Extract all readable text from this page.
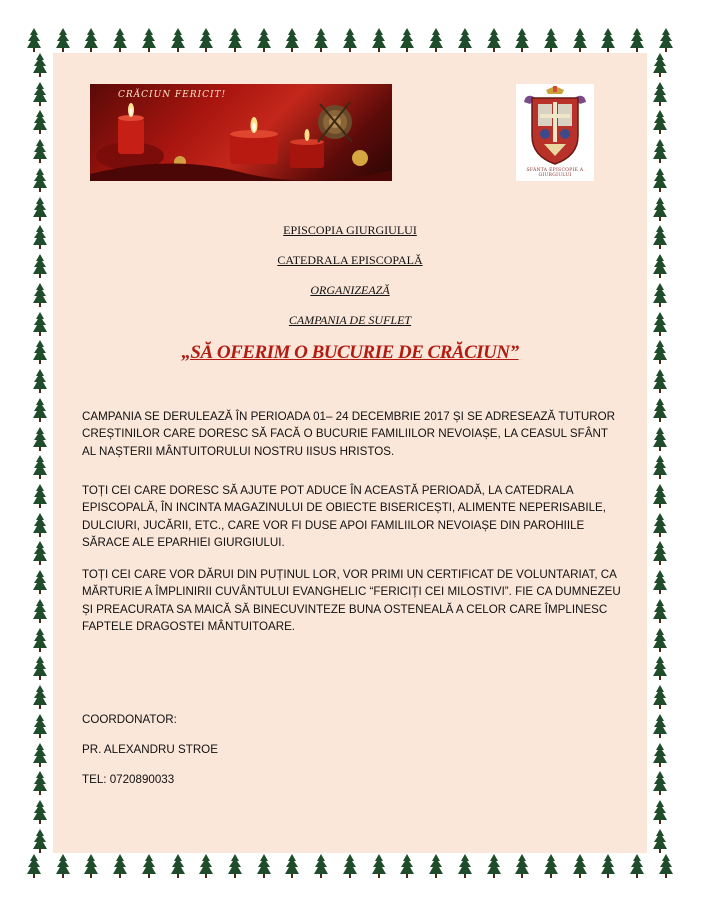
CRĂCIUN FERICIT!
SFÂNTA EPISCOPIE A GIURGIULUI
EPISCOPIA GIURGIULUI
CATEDRALA EPISCOPALĂ
ORGANIZEAZĂ
CAMPANIA DE SUFLET
„SĂ OFERIM O BUCURIE DE CRĂCIUN”
CAMPANIA SE DERULEAZĂ ÎN PERIOADA 01– 24 DECEMBRIE 2017 ȘI SE ADRESEAZĂ TUTUROR CREȘTINILOR CARE DORESC SĂ FACĂ O BUCURIE FAMILIILOR NEVOIAȘE, LA CEASUL SFÂNT AL NAȘTERII MÂNTUITORULUI NOSTRU IISUS HRISTOS.
TOȚI CEI CARE DORESC SĂ AJUTE POT ADUCE ÎN ACEASTĂ PERIOADĂ, LA CATEDRALA EPISCOPALĂ, ÎN INCINTA MAGAZINULUI DE OBIECTE BISERICEȘTI, ALIMENTE NEPERISABILE, DULCIURI, JUCĂRII, ETC., CARE VOR FI DUSE APOI FAMILIILOR NEVOIAȘE DIN PAROHIILE SĂRACE ALE EPARHIEI GIURGIULUI.
TOȚI CEI CARE VOR DĂRUI DIN PUȚINUL LOR, VOR PRIMI UN CERTIFICAT DE VOLUNTARIAT, CA MĂRTURIE A ÎMPLINIRII CUVÂNTULUI EVANGHELIC “FERICIȚI CEI MILOSTIVI”. FIE CA DUMNEZEU ȘI PREACURATA SA MAICĂ SĂ BINECUVINTEZE BUNA OSTENEALĂ A CELOR CARE ÎMPLINESC FAPTELE DRAGOSTEI MÂNTUITOARE.
COORDONATOR:
PR. ALEXANDRU STROE
TEL: 0720890033
